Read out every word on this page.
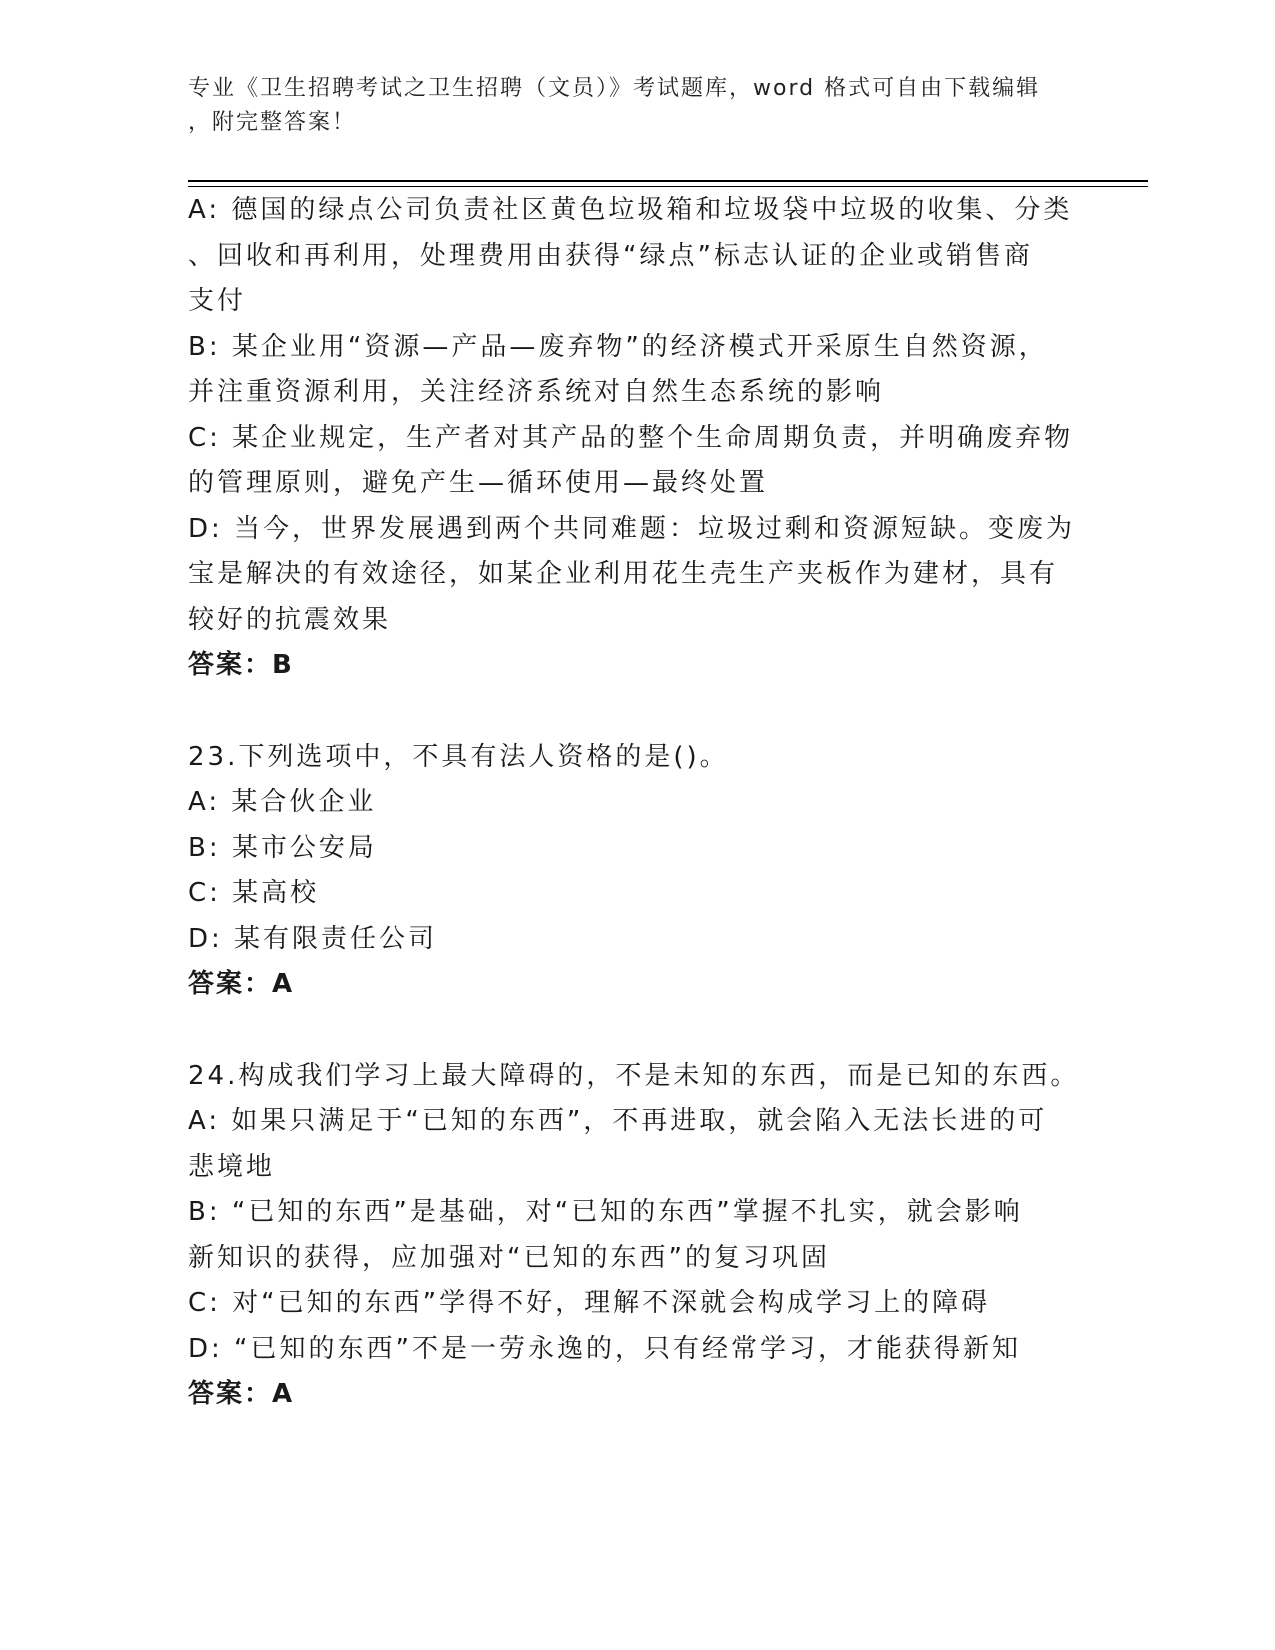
专业《卫生招聘考试之卫生招聘（文员）》考试题库，word 格式可自由下载编辑
，附完整答案！
A: 德国的绿点公司负责社区黄色垃圾箱和垃圾袋中垃圾的收集、分类
、回收和再利用，处理费用由获得“绿点”标志认证的企业或销售商
支付
B: 某企业用“资源—产品—废弃物”的经济模式开采原生自然资源，
并注重资源利用，关注经济系统对自然生态系统的影响
C: 某企业规定，生产者对其产品的整个生命周期负责，并明确废弃物
的管理原则，避免产生—循环使用—最终处置
D: 当今，世界发展遇到两个共同难题：垃圾过剩和资源短缺。变废为
宝是解决的有效途径，如某企业利用花生壳生产夹板作为建材，具有
较好的抗震效果
答案：B
23.下列选项中，不具有法人资格的是()。
A: 某合伙企业
B: 某市公安局
C: 某高校
D: 某有限责任公司
答案：A
24.构成我们学习上最大障碍的，不是未知的东西，而是已知的东西。
A: 如果只满足于“已知的东西”，不再进取，就会陷入无法长进的可
悲境地
B: “已知的东西”是基础，对“已知的东西”掌握不扎实，就会影响
新知识的获得，应加强对“已知的东西”的复习巩固
C: 对“已知的东西”学得不好，理解不深就会构成学习上的障碍
D: “已知的东西”不是一劳永逸的，只有经常学习，才能获得新知
答案：A
